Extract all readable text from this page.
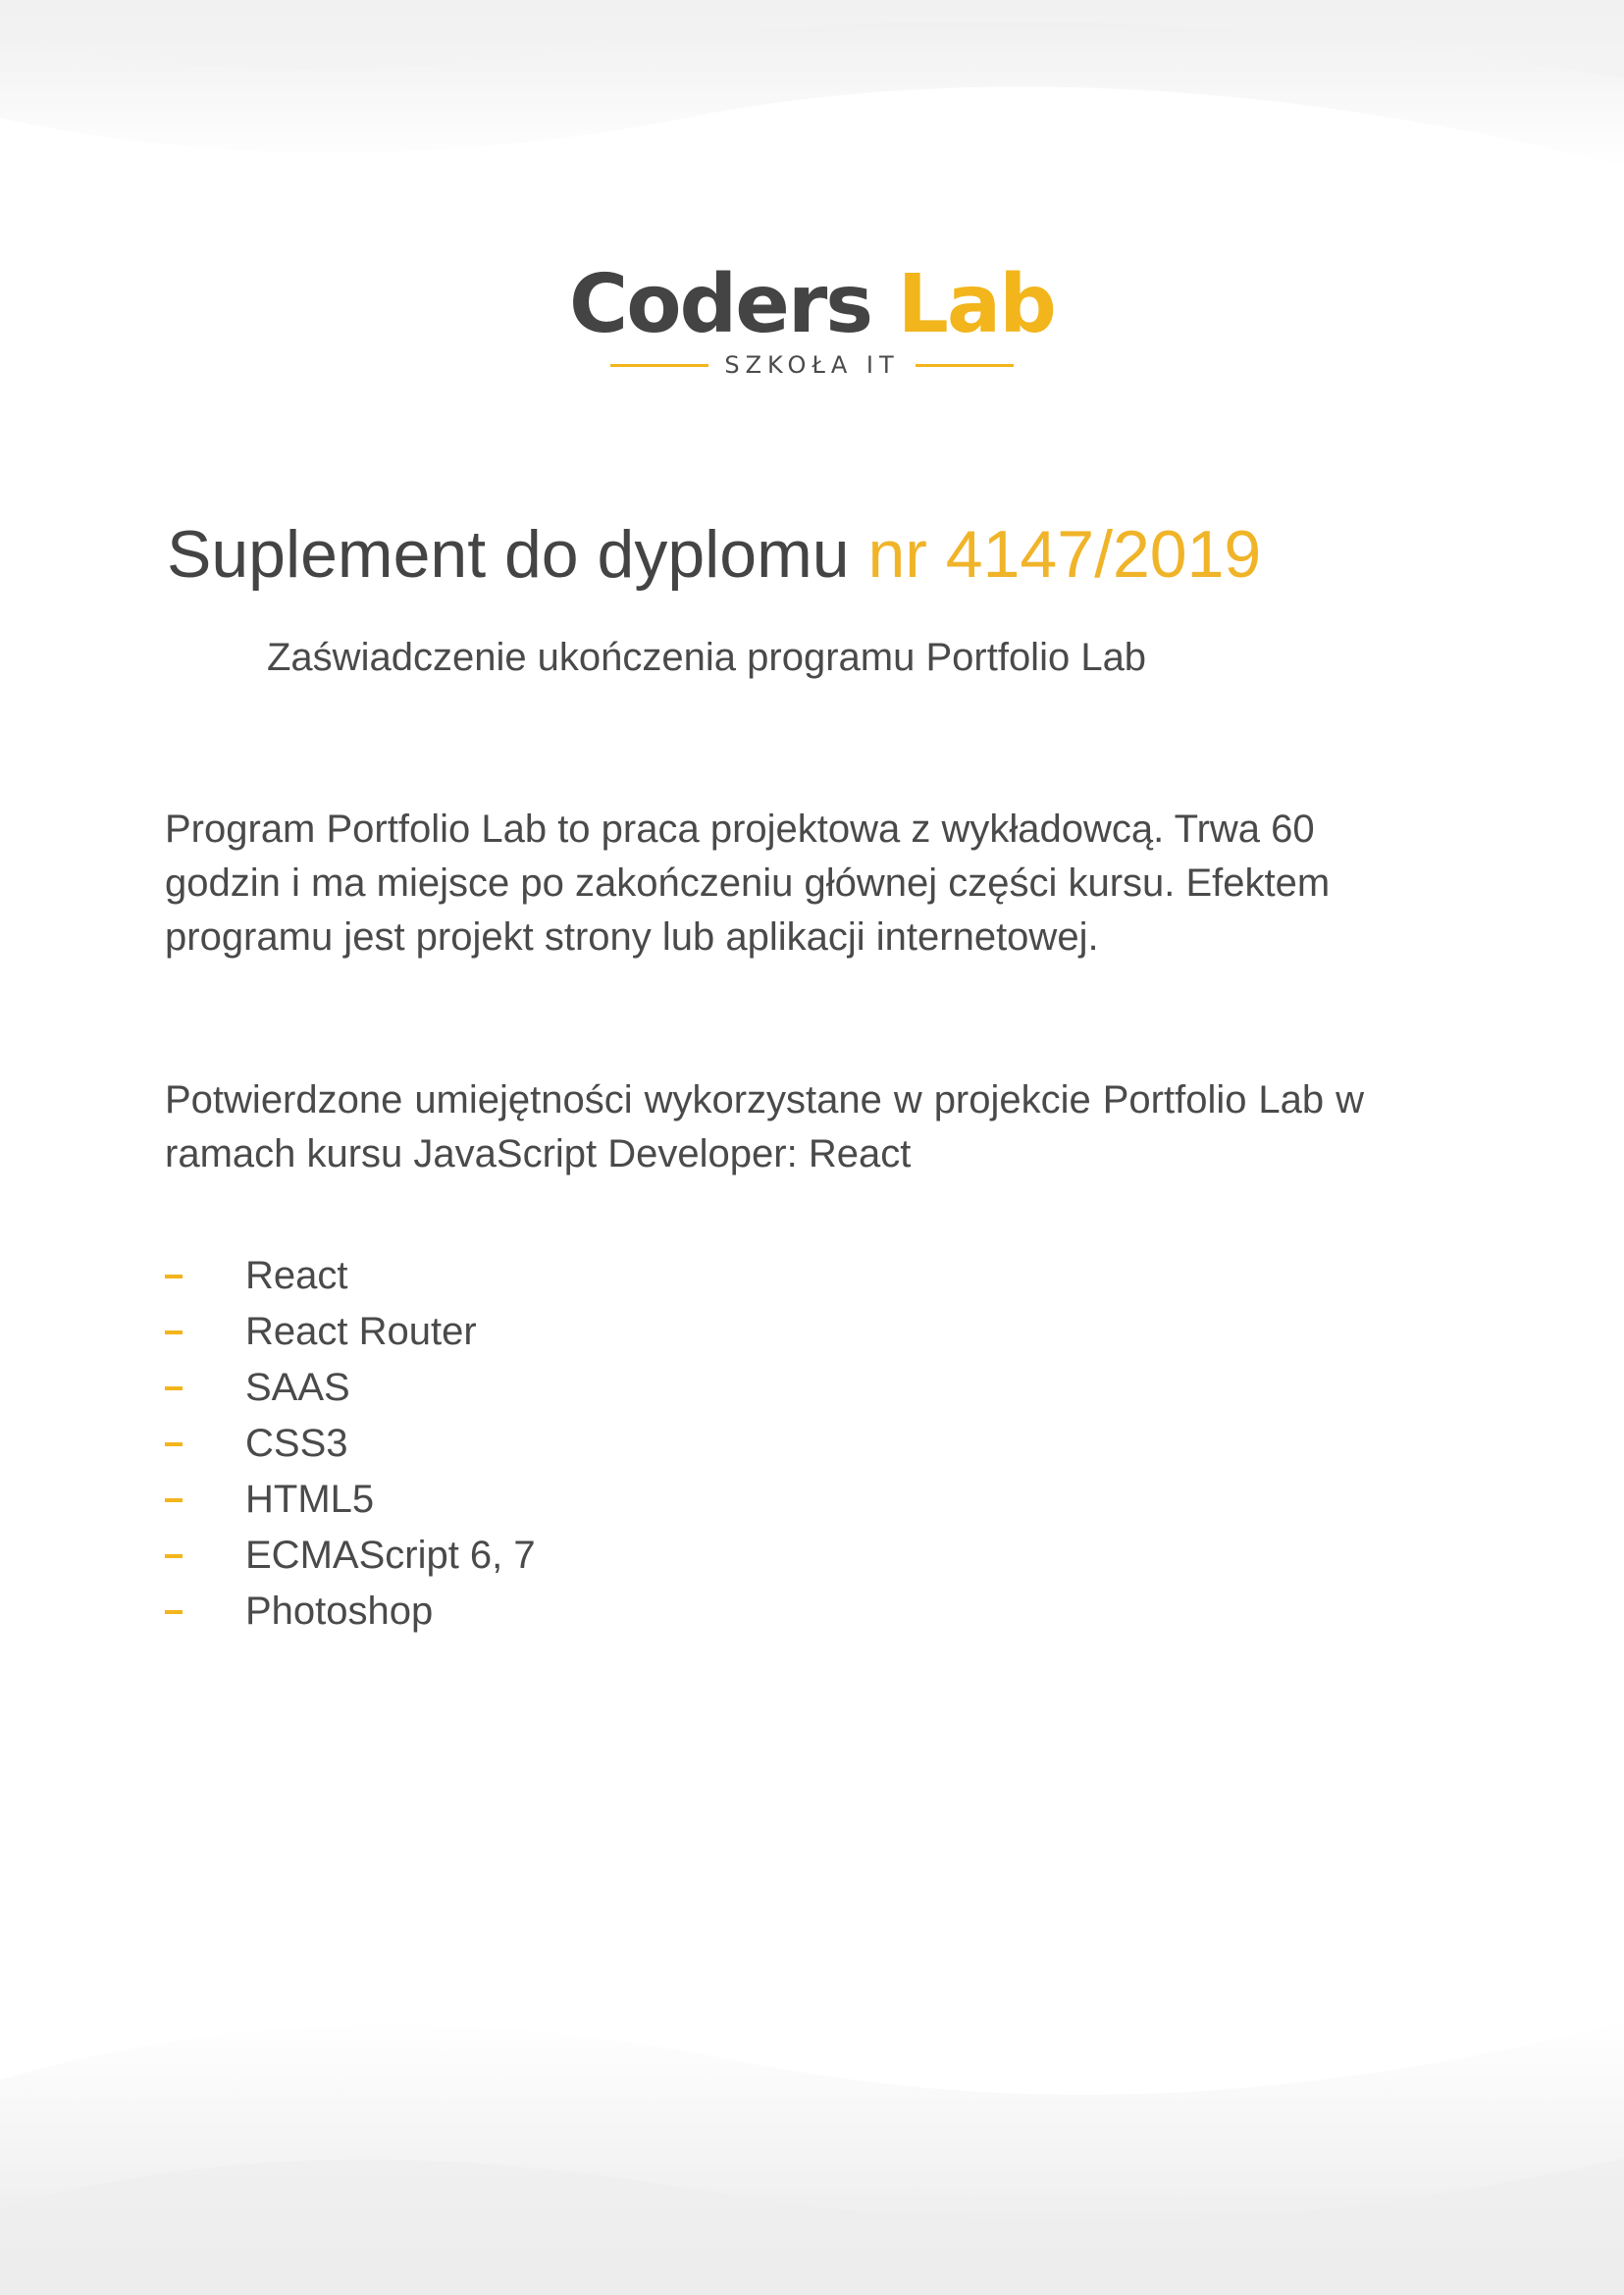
Coders Lab
SZKOŁA IT
Suplement do dyplomu nr 4147/2019
Zaświadczenie ukończenia programu Portfolio Lab
Program Portfolio Lab to praca projektowa z wykładowcą. Trwa 60 godzin i ma miejsce po zakończeniu głównej części kursu. Efektem programu jest projekt strony lub aplikacji internetowej.
Potwierdzone umiejętności wykorzystane w projekcie Portfolio Lab w ramach kursu JavaScript Developer: React
React
React Router
SAAS
CSS3
HTML5
ECMAScript 6, 7
Photoshop
